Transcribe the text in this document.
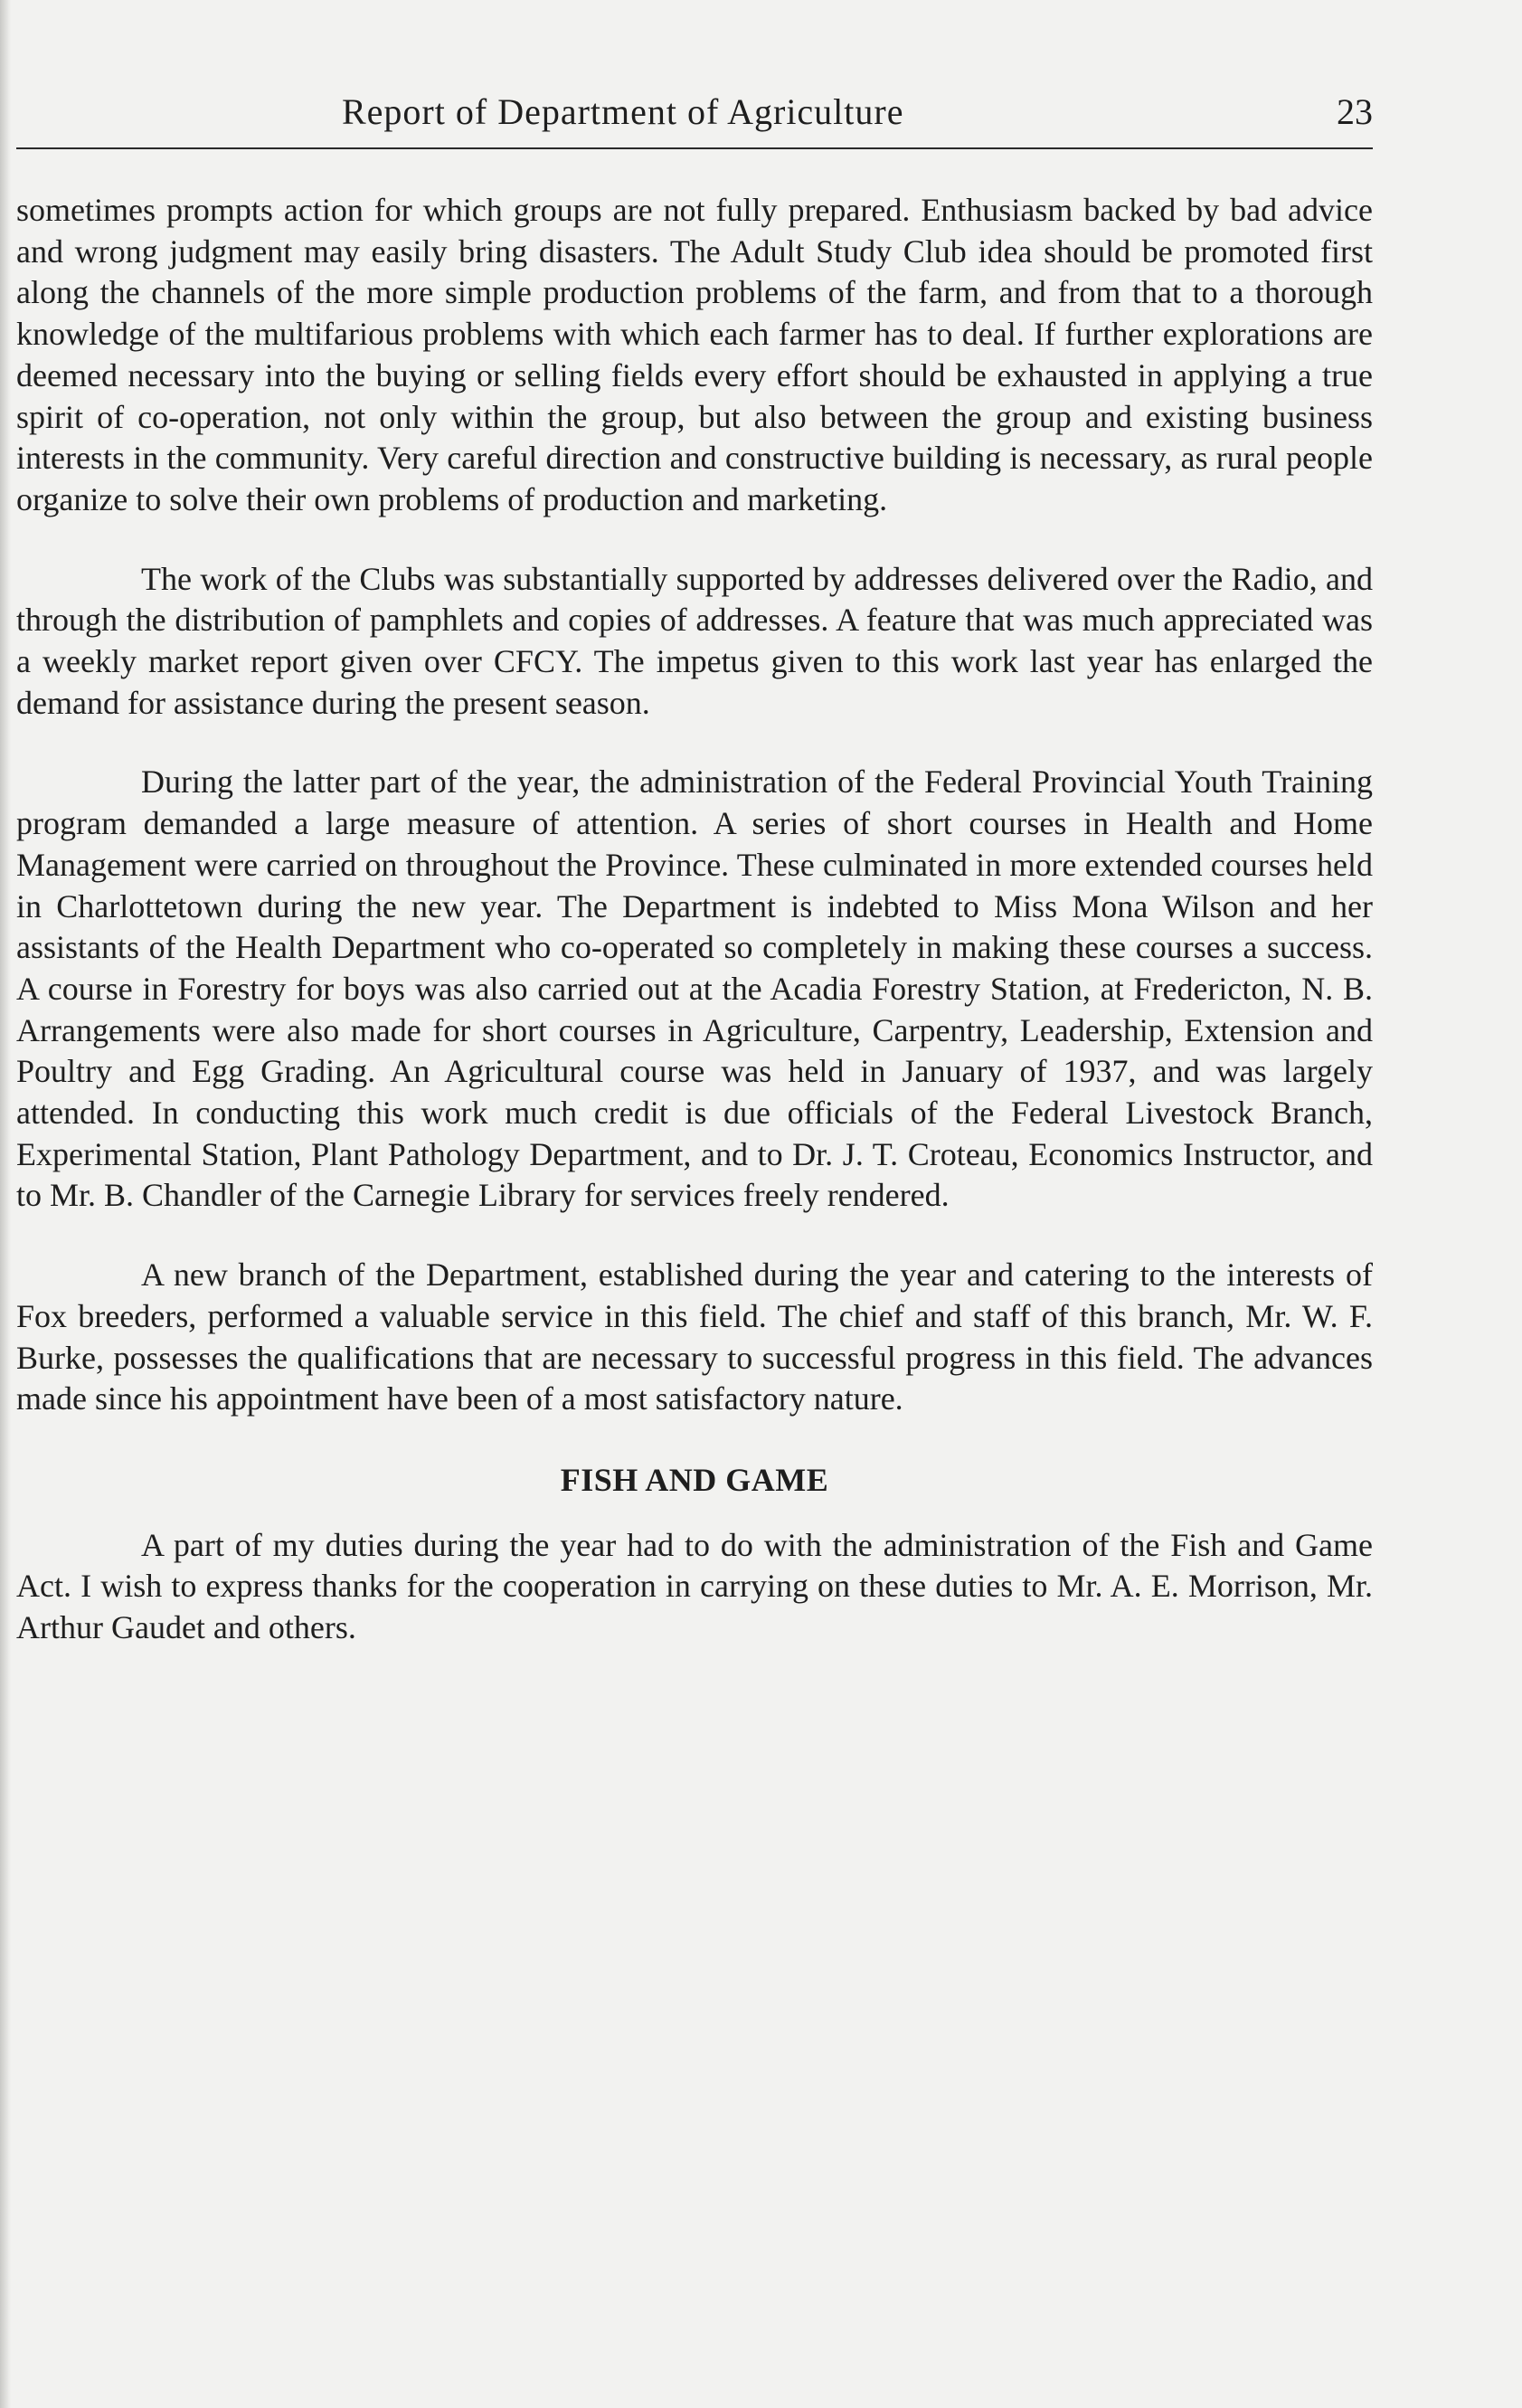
Report of Department of Agriculture	23

sometimes prompts action for which groups are not fully prepared. Enthusiasm backed by bad advice and wrong judgment may easily bring disasters. The Adult Study Club idea should be promoted first along the channels of the more simple production problems of the farm, and from that to a thorough knowledge of the multifarious problems with which each farmer has to deal. If further explorations are deemed necessary into the buying or selling fields every effort should be exhausted in applying a true spirit of co-operation, not only within the group, but also between the group and existing business interests in the community. Very careful direction and constructive building is necessary, as rural people organize to solve their own problems of production and marketing.

The work of the Clubs was substantially supported by addresses delivered over the Radio, and through the distribution of pamphlets and copies of addresses. A feature that was much appreciated was a weekly market report given over CFCY. The impetus given to this work last year has enlarged the demand for assistance during the present season.

During the latter part of the year, the administration of the Federal Provincial Youth Training program demanded a large measure of attention. A series of short courses in Health and Home Management were carried on throughout the Province. These culminated in more extended courses held in Charlottetown during the new year. The Department is indebted to Miss Mona Wilson and her assistants of the Health Department who co-operated so completely in making these courses a success. A course in Forestry for boys was also carried out at the Acadia Forestry Station, at Fredericton, N. B. Arrangements were also made for short courses in Agriculture, Carpentry, Leadership, Extension and Poultry and Egg Grading. An Agricultural course was held in January of 1937, and was largely attended. In conducting this work much credit is due officials of the Federal Livestock Branch, Experimental Station, Plant Pathology Department, and to Dr. J. T. Croteau, Economics Instructor, and to Mr. B. Chandler of the Carnegie Library for services freely rendered.

A new branch of the Department, established during the year and catering to the interests of Fox breeders, performed a valuable service in this field. The chief and staff of this branch, Mr. W. F. Burke, possesses the qualifications that are necessary to successful progress in this field. The advances made since his appointment have been of a most satisfactory nature.

FISH AND GAME

A part of my duties during the year had to do with the administration of the Fish and Game Act. I wish to express thanks for the cooperation in carrying on these duties to Mr. A. E. Morrison, Mr. Arthur Gaudet and others.
